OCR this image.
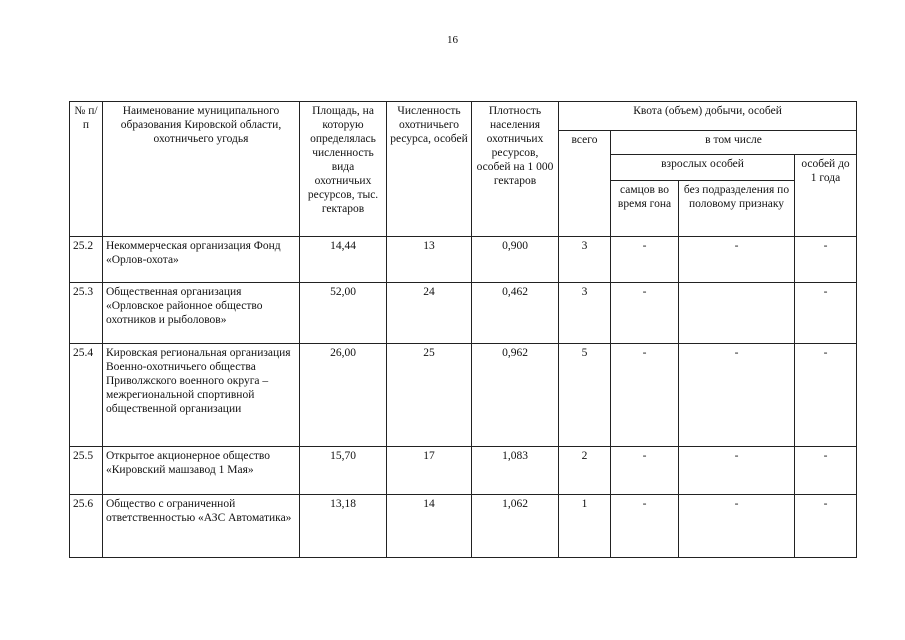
16
№ п/п	Наименование муниципального образования Кировской области, охотничьего угодья	Площадь, на которую определялась численность вида охотничьих ресурсов, тыс. гектаров	Численность охотничьего ресурса, особей	Плотность населения охотничьих ресурсов, особей на 1 000 гектаров	Квота (объем) добычи, особей			
					всего	в том числе		
						взрослых особей		особей до 1 года
						самцов во время гона	без подразделения по половому признаку	
25.2	Некоммерческая организация Фонд «Орлов-охота»	14,44	13	0,900	3	-	-	-
25.3	Общественная организация «Орловское районное общество охотников и рыболовов»	52,00	24	0,462	3	-		-
25.4	Кировская региональная организация Военно-охотничьего общества Приволжского военного округа – межрегиональной спортивной общественной организации	26,00	25	0,962	5	-	-	-
25.5	Открытое акционерное общество «Кировский машзавод 1 Мая»	15,70	17	1,083	2	-	-	-
25.6	Общество с ограниченной ответственностью «АЗС Автоматика»	13,18	14	1,062	1	-	-	-
